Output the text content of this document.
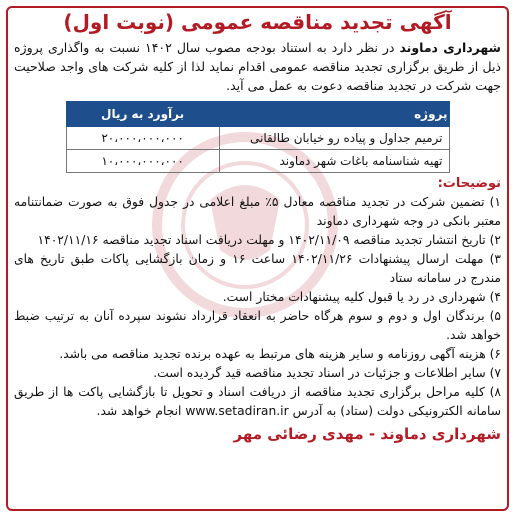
آگهی تجدید مناقصه عمومی (نوبت اول)

شهرداری دماوند در نظر دارد به استناد بودجه مصوب سال ۱۴۰۲ نسبت به واگذاری پروژه ذیل از طریق برگزاری تجدید مناقصه عمومی اقدام نماید لذا از کلیه شرکت های واجد صلاحیت جهت شرکت در تجدید مناقصه دعوت به عمل می آید.

پروژه	برآورد به ریال
ترمیم جداول و پیاده رو خیابان طالقانی	۲۰،۰۰۰،۰۰۰،۰۰۰
تهیه شناسنامه باغات شهر دماوند	۱۰،۰۰۰،۰۰۰،۰۰۰
توضیحات:
۱) تضمین شرکت در تجدید مناقصه معادل ۵٪ مبلغ اعلامی در جدول فوق به صورت ضمانتنامه معتبر بانکی در وجه شهرداری دماوند
۲) تاریخ انتشار تجدید مناقصه ۱۴۰۲/۱۱/۰۹ و مهلت دریافت اسناد تجدید مناقصه ۱۴۰۲/۱۱/۱۶
۳) مهلت ارسال پیشنهادات ۱۴۰۲/۱۱/۲۶ ساعت ۱۶ و زمان بازگشایی پاکات طبق تاریخ های مندرج در سامانه ستاد
۴) شهرداری در رد یا قبول کلیه پیشنهادات مختار است.
۵) برندگان اول و دوم و سوم هرگاه حاضر به انعقاد قرارداد نشوند سپرده آنان به ترتیب ضبط خواهد شد.
۶) هزینه آگهی روزنامه و سایر هزینه های مرتبط به عهده برنده تجدید مناقصه می باشد.
۷) سایر اطلاعات و جزئیات در اسناد تجدید مناقصه قید گردیده است.
۸) کلیه مراحل برگزاری تجدید مناقصه از دریافت اسناد و تحویل تا بازگشایی پاکت ها از طریق سامانه الکترونیکی دولت (ستاد) به آدرس www.setadiran.ir انجام خواهد شد.
شهرداری دماوند - مهدی رضائی مهر
